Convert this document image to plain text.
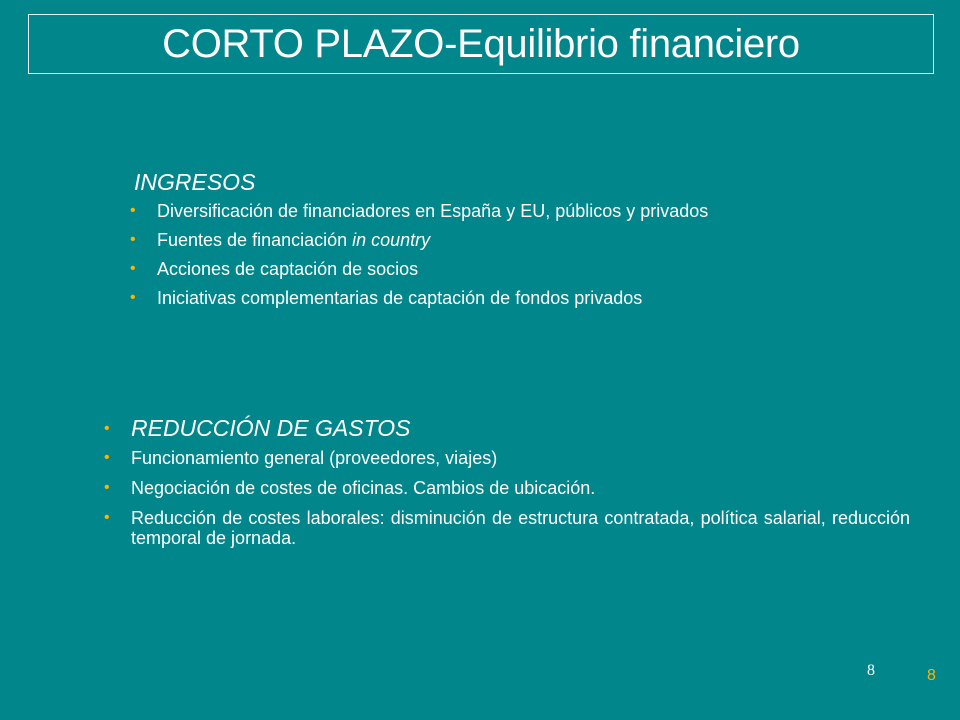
CORTO PLAZO-Equilibrio financiero
INGRESOS
• Diversificación de financiadores en España y EU, públicos y privados
• Fuentes de financiación in country
• Acciones de captación de socios
• Iniciativas complementarias de captación de fondos privados
• REDUCCIÓN DE GASTOS
• Funcionamiento general (proveedores, viajes)
• Negociación de costes de oficinas. Cambios de ubicación.
• Reducción de costes laborales: disminución de estructura contratada, política salarial, reducción temporal de jornada.
8	8
